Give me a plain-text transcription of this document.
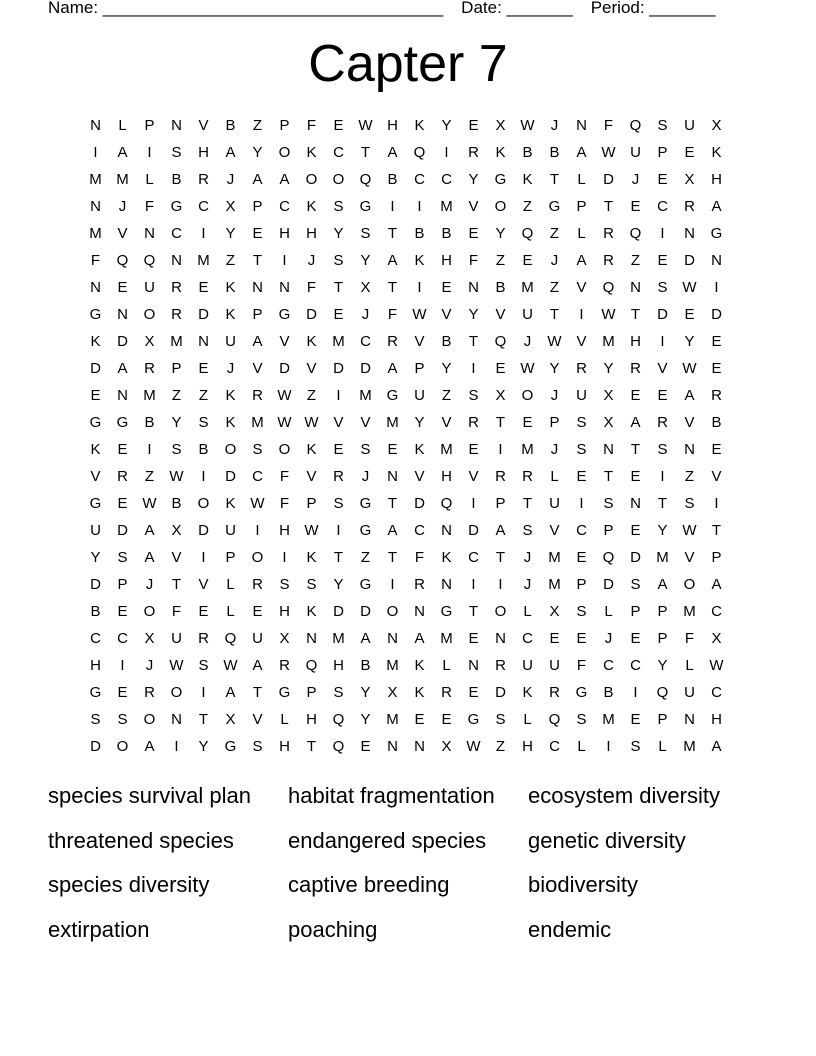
Name: ____________________________________ Date: _______ Period: _______
Capter 7
N	L	P	N	V	B	Z	P	F	E W H	K	Y	E	X W	J	N	F	Q	S	U	X
I	A	I	S	H	A	Y	O	K	C	T	A	Q	I	R	K	B	B	A W U	P	E	K
M M	L	B	R	J	A	A	O	O	Q	B	C	C	Y	G	K	T	L	D	J	E	X	H
N	J	F	G	C	X	P	C	K	S	G	I	I	M	V	O	Z	G	P	T	E	C	R	A
M	V	N	C	I	Y	E	H	H	Y	S	T	B	B	E	Y	Q	Z	L	R	Q	I	N	G
F	Q	Q	N	M	Z	T	I	J	S	Y	A	K	H	F	Z	E	J	A	R	Z	E	D	N
N	E	U	R	E	K	N	N	F	T	X	T	I	E	N	B	M	Z	V	Q	N	S W	I
G	N	O	R	D	K	P	G	D	E	J	F	W V	Y	V	U	T	I	W	T	D	E	D
K	D	X	M	N	U	A	V	K	M	C	R	V	B	T	Q	J	W V	M	H	I	Y	E
D	A	R	P	E	J	V	D	V	D	D	A	P	Y	I	E W Y	R	Y	R	V W E
E	N	M	Z	Z	K	R W	Z	I	M G	U	Z	S	X	O	J	U	X	E	E	A	R
G	G	B	Y	S	K	M W W V	V	M	Y	V	R	T	E	P	S	X	A	R	V	B
K	E	I	S	B	O	S	O	K	E	S	E	K	M	E	I	M	J	S	N	T	S	N	E
V	R	Z	W	I	D	C	F	V	R	J	N	V	H	V	R	R	L	E	T	E	I	Z	V
G	E W B	O	K W	F	P	S	G	T	D	Q	I	P	T	U	I	S	N	T	S	I
U	D	A	X	D	U	I	H W	I	G	A	C	N	D	A	S	V	C	P	E	Y W	T
Y	S	A	V	I	P	O	I	K	T	Z	T	F	K	C	T	J	M	E	Q	D	M	V	P
D	P	J	T	V	L	R	S	S	Y	G	I	R	N	I	I	J	M	P	D	S	A	O	A
B	E	O	F	E	L	E	H	K	D	D	O	N	G	T	O	L	X	S	L	P	P	M	C
C	C	X	U	R	Q	U	X	N	M	A	N	A	M	E	N	C	E	E	J	E	P	F	X
H	I	J	W S W A	R	Q	H	B	M	K	L	N	R	U	U	F	C	C	Y	L	W
G	E	R	O	I	A	T	G	P	S	Y	X	K	R	E	D	K	R	G	B	I	Q	U	C
S	S	O	N	T	X	V	L	H	Q	Y	M	E	E	G	S	L	Q	S	M	E	P	N	H
D	O	A	I	Y	G	S	H	T	Q	E	N	N	X W	Z	H	C	L	I	S	L	M	A
species survival plan	habitat fragmentation	ecosystem diversity
threatened species	endangered species	genetic diversity
species diversity	captive breeding	biodiversity
extirpation	poaching	endemic
